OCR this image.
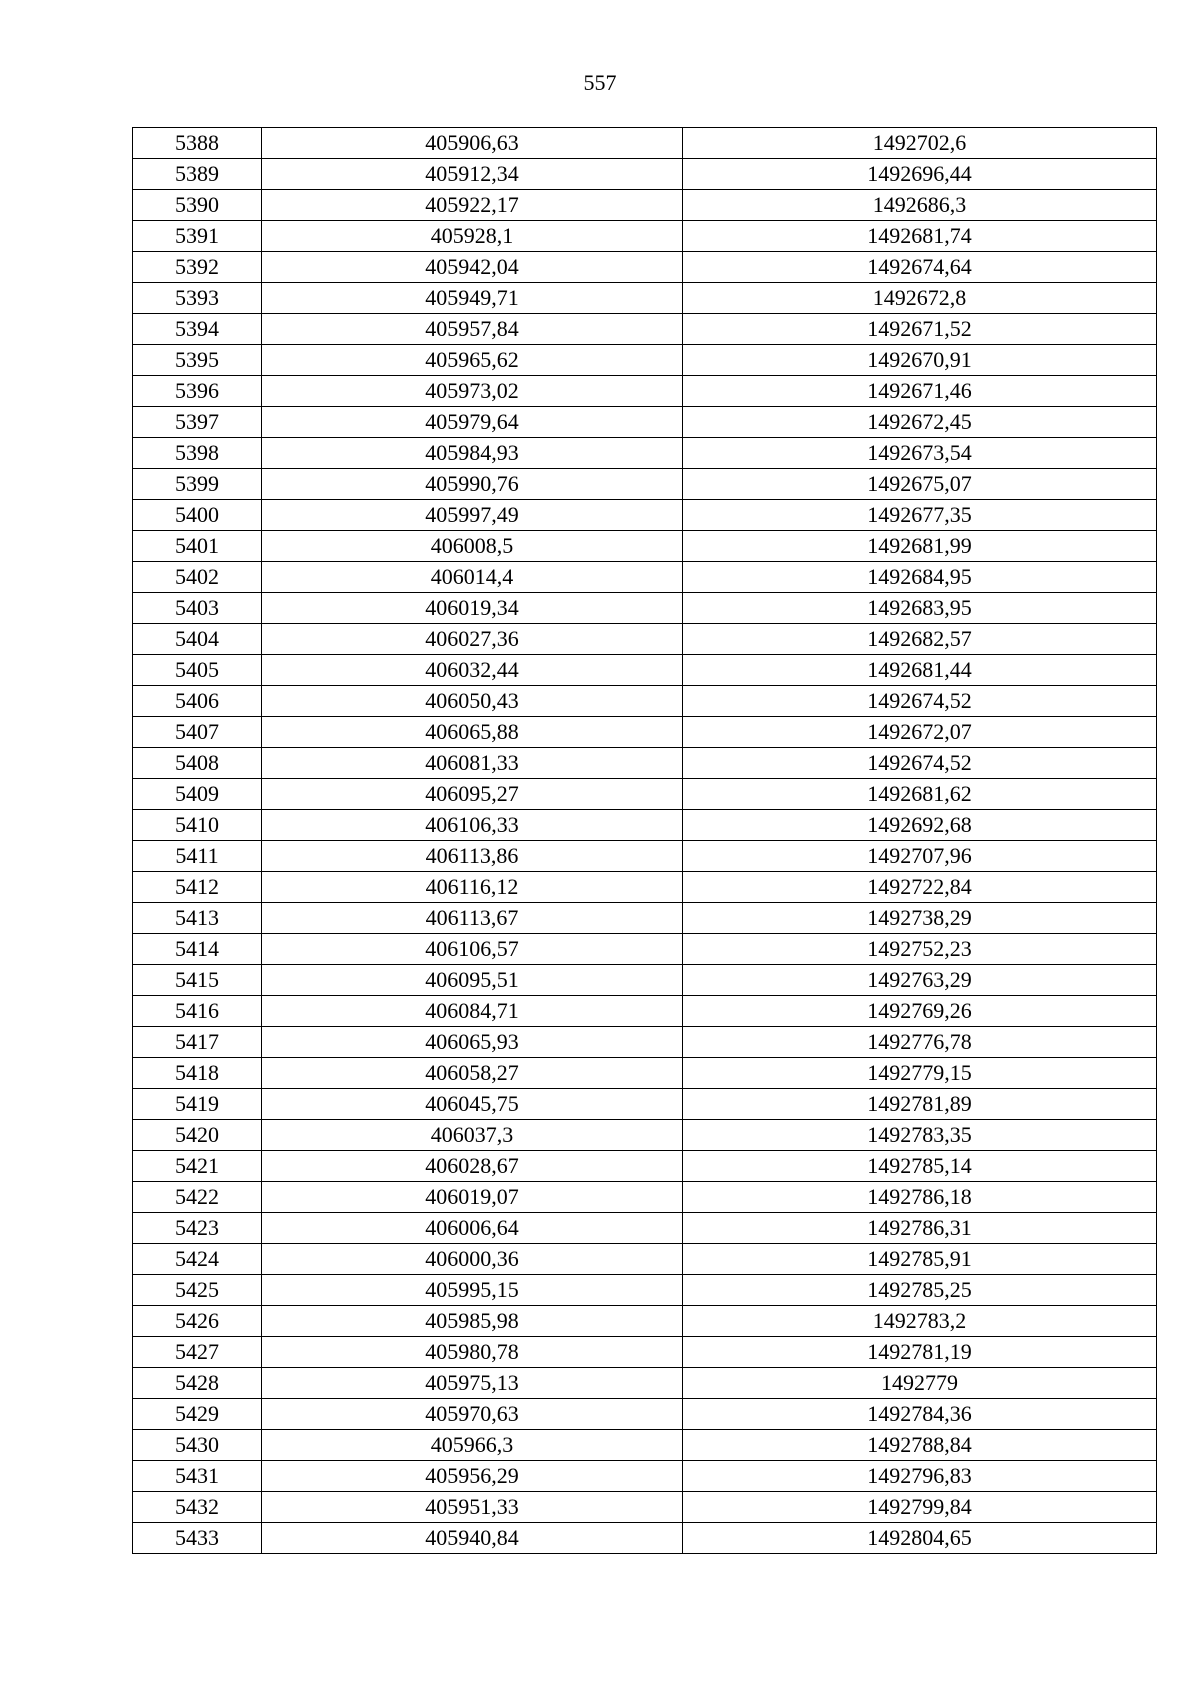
557
5388	405906,63	1492702,6
5389	405912,34	1492696,44
5390	405922,17	1492686,3
5391	405928,1	1492681,74
5392	405942,04	1492674,64
5393	405949,71	1492672,8
5394	405957,84	1492671,52
5395	405965,62	1492670,91
5396	405973,02	1492671,46
5397	405979,64	1492672,45
5398	405984,93	1492673,54
5399	405990,76	1492675,07
5400	405997,49	1492677,35
5401	406008,5	1492681,99
5402	406014,4	1492684,95
5403	406019,34	1492683,95
5404	406027,36	1492682,57
5405	406032,44	1492681,44
5406	406050,43	1492674,52
5407	406065,88	1492672,07
5408	406081,33	1492674,52
5409	406095,27	1492681,62
5410	406106,33	1492692,68
5411	406113,86	1492707,96
5412	406116,12	1492722,84
5413	406113,67	1492738,29
5414	406106,57	1492752,23
5415	406095,51	1492763,29
5416	406084,71	1492769,26
5417	406065,93	1492776,78
5418	406058,27	1492779,15
5419	406045,75	1492781,89
5420	406037,3	1492783,35
5421	406028,67	1492785,14
5422	406019,07	1492786,18
5423	406006,64	1492786,31
5424	406000,36	1492785,91
5425	405995,15	1492785,25
5426	405985,98	1492783,2
5427	405980,78	1492781,19
5428	405975,13	1492779
5429	405970,63	1492784,36
5430	405966,3	1492788,84
5431	405956,29	1492796,83
5432	405951,33	1492799,84
5433	405940,84	1492804,65
